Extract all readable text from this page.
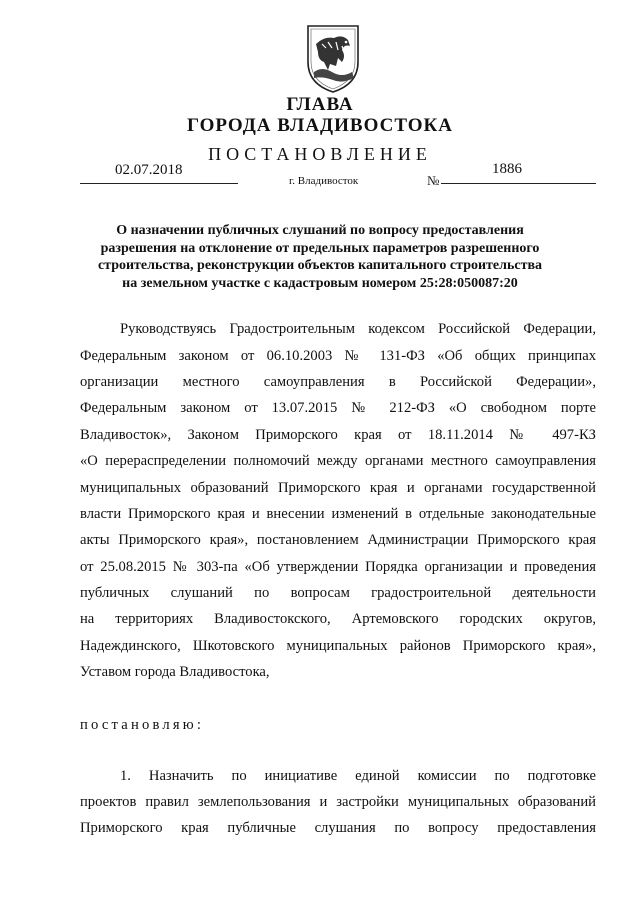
ГЛАВА
ГОРОДА ВЛАДИВОСТОКА
ПОСТАНОВЛЕНИЕ
02.07.2018
г. Владивосток	№
1886
О назначении публичных слушаний по вопросу предоставления
разрешения на отклонение от предельных параметров разрешенного
строительства, реконструкции объектов капитального строительства
на земельном участке с кадастровым номером 25:28:050087:20
Руководствуясь Градостроительным кодексом Российской Федерации,
Федеральным законом от 06.10.2003 № 131-ФЗ «Об общих принципах
организации местного самоуправления в Российской Федерации»,
Федеральным законом от 13.07.2015 № 212-ФЗ «О свободном порте
Владивосток», Законом Приморского края от 18.11.2014 № 497-КЗ
«О перераспределении полномочий между органами местного самоуправления
муниципальных образований Приморского края и органами государственной
власти Приморского края и внесении изменений в отдельные законодательные
акты Приморского края», постановлением Администрации Приморского края
от 25.08.2015 № 303-па «Об утверждении Порядка организации и проведения
публичных слушаний по вопросам градостроительной деятельности
на территориях Владивостокского, Артемовского городских округов,
Надеждинского, Шкотовского муниципальных районов Приморского края»,
Уставом города Владивостока,
постановляю:
1. Назначить по инициативе единой комиссии по подготовке
проектов правил землепользования и застройки муниципальных образований
Приморского края публичные слушания по вопросу предоставления
